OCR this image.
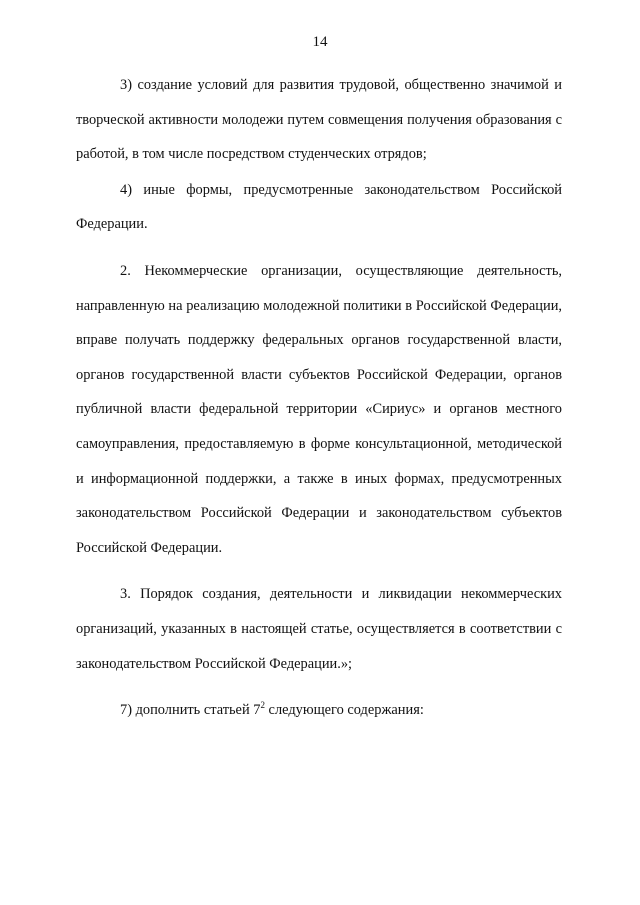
14

3) создание условий для развития трудовой, общественно значимой и творческой активности молодежи путем совмещения получения образования с работой, в том числе посредством студенческих отрядов;

4) иные формы, предусмотренные законодательством Российской Федерации.

2. Некоммерческие организации, осуществляющие деятельность, направленную на реализацию молодежной политики в Российской Федерации, вправе получать поддержку федеральных органов государственной власти, органов государственной власти субъектов Российской Федерации, органов публичной власти федеральной территории «Сириус» и органов местного самоуправления, предоставляемую в форме консультационной, методической и информационной поддержки, а также в иных формах, предусмотренных законодательством Российской Федерации и законодательством субъектов Российской Федерации.

3. Порядок создания, деятельности и ликвидации некоммерческих организаций, указанных в настоящей статье, осуществляется в соответствии с законодательством Российской Федерации.»;

7) дополнить статьей $7^2$ следующего содержания:
